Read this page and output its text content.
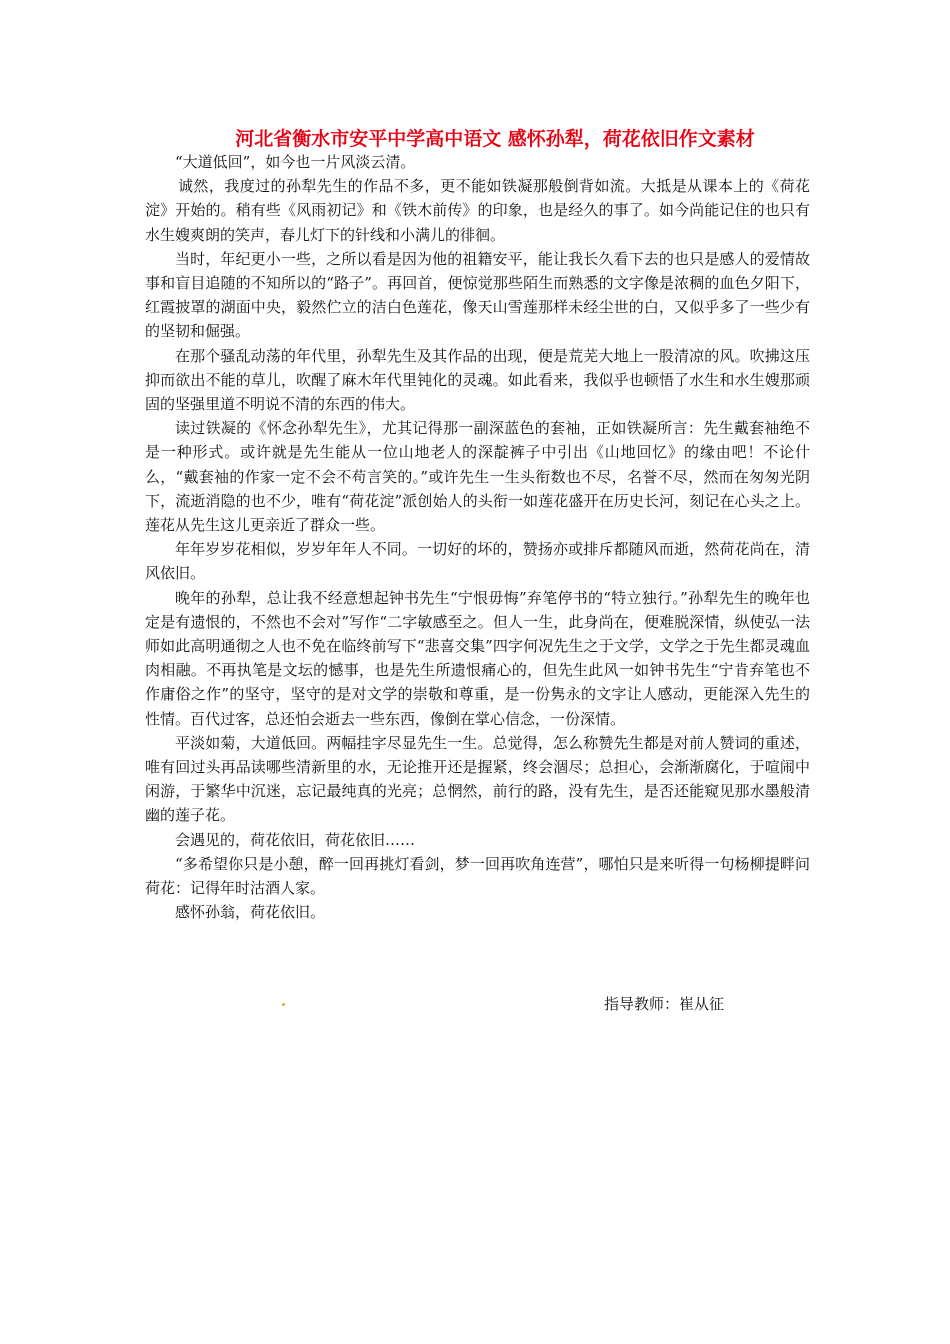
河北省衡水市安平中学高中语文 感怀孙犁，荷花依旧作文素材

“大道低回”，如今也一片风淡云清。

诚然，我度过的孙犁先生的作品不多，更不能如铁凝那般倒背如流。大抵是从课本上的《荷花淀》开始的。稍有些《风雨初记》和《铁木前传》的印象，也是经久的事了。如今尚能记住的也只有水生嫂爽朗的笑声，春儿灯下的针线和小满儿的徘徊。

当时，年纪更小一些，之所以看是因为他的祖籍安平，能让我长久看下去的也只是感人的爱情故事和盲目追随的不知所以的“路子”。再回首，便惊觉那些陌生而熟悉的文字像是浓稠的血色夕阳下，红霞披罩的湖面中央，毅然伫立的洁白色莲花，像天山雪莲那样未经尘世的白，又似乎多了一些少有的坚韧和倔强。

在那个骚乱动荡的年代里，孙犁先生及其作品的出现，便是荒芜大地上一股清凉的风。吹拂这压抑而欲出不能的草儿，吹醒了麻木年代里钝化的灵魂。如此看来，我似乎也顿悟了水生和水生嫂那顽固的坚强里道不明说不清的东西的伟大。

读过铁凝的《怀念孙犁先生》，尤其记得那一副深蓝色的套袖，正如铁凝所言：先生戴套袖绝不是一种形式。或许就是先生能从一位山地老人的深靛裤子中引出《山地回忆》的缘由吧！不论什么，“戴套袖的作家一定不会不苟言笑的。”或许先生一生头衔数也不尽，名誉不尽，然而在匆匆光阴下，流逝消隐的也不少，唯有“荷花淀”派创始人的头衔一如莲花盛开在历史长河，刻记在心头之上。莲花从先生这儿更亲近了群众一些。

年年岁岁花相似，岁岁年年人不同。一切好的坏的，赞扬亦或排斥都随风而逝，然荷花尚在，清风依旧。

晚年的孙犁，总让我不经意想起钟书先生“宁恨毋悔”弃笔停书的“特立独行。”孙犁先生的晚年也定是有遗恨的，不然也不会对”写作“二字敏感至之。但人一生，此身尚在，便难脱深情，纵使弘一法师如此高明通彻之人也不免在临终前写下“悲喜交集”四字何况先生之于文学，文学之于先生都灵魂血肉相融。不再执笔是文坛的憾事，也是先生所遗恨痛心的，但先生此风一如钟书先生“宁肯弃笔也不作庸俗之作”的坚守，坚守的是对文学的崇敬和尊重，是一份隽永的文字让人感动，更能深入先生的性情。百代过客，总还怕会逝去一些东西，像倒在掌心信念，一份深情。

平淡如菊，大道低回。两幅挂字尽显先生一生。总觉得，怎么称赞先生都是对前人赞词的重述，唯有回过头再品读哪些清新里的水，无论推开还是握紧，终会涸尽；总担心，会渐渐腐化，于喧闹中闲游，于繁华中沉迷，忘记最纯真的光亮；总惘然，前行的路，没有先生，是否还能窥见那水墨般清幽的莲子花。

会遇见的，荷花依旧，荷花依旧……

“多希望你只是小憩，醉一回再挑灯看剑，梦一回再吹角连营”，哪怕只是来听得一句杨柳提畔问荷花：记得年时沽酒人家。

感怀孙翁，荷花依旧。

指导教师：崔从征
